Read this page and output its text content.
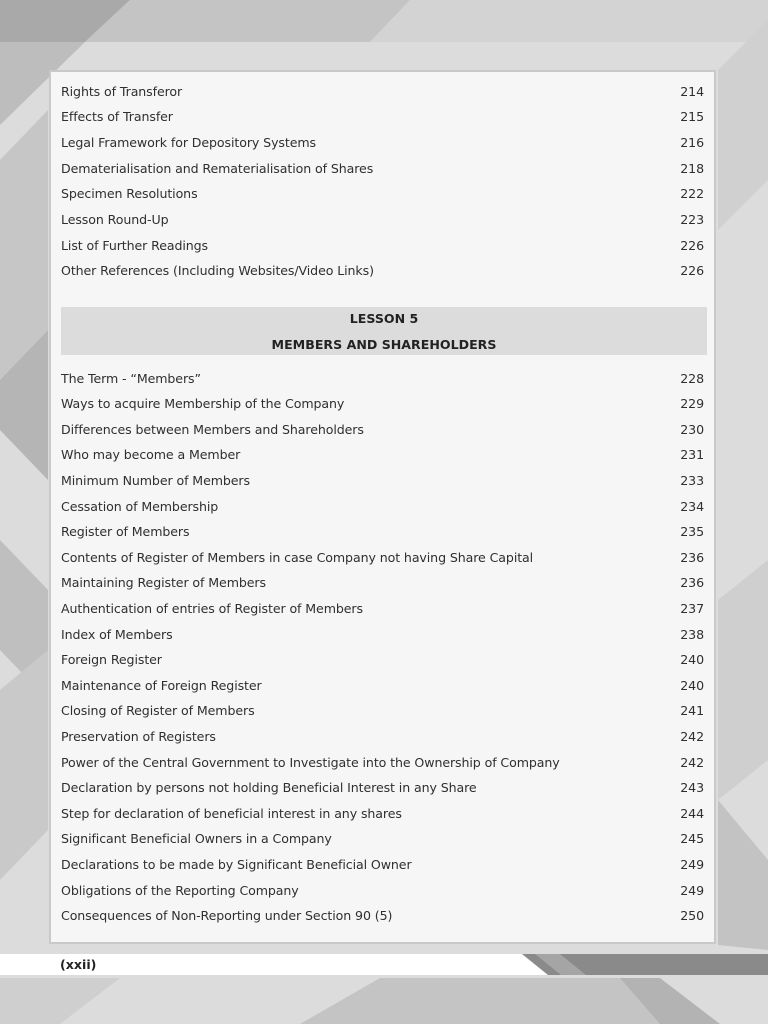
Rights of Transferor	214
Effects of Transfer	215
Legal Framework for Depository Systems	216
Dematerialisation and Rematerialisation of Shares	218
Specimen Resolutions	222
Lesson Round-Up	223
List of Further Readings	226
Other References (Including Websites/Video Links)	226
LESSON 5
MEMBERS AND SHAREHOLDERS
The Term - “Members”	228
Ways to acquire Membership of the Company	229
Differences between Members and Shareholders	230
Who may become a Member	231
Minimum Number of Members	233
Cessation of Membership	234
Register of Members	235
Contents of Register of Members in case Company not having Share Capital	236
Maintaining Register of Members	236
Authentication of entries of Register of Members	237
Index of Members	238
Foreign Register	240
Maintenance of Foreign Register	240
Closing of Register of Members	241
Preservation of Registers	242
Power of the Central Government to Investigate into the Ownership of Company	242
Declaration by persons not holding Beneficial Interest in any Share	243
Step for declaration of beneficial interest in any shares	244
Significant Beneficial Owners in a Company	245
Declarations to be made by Significant Beneficial Owner	249
Obligations of the Reporting Company	249
Consequences of Non-Reporting under Section 90 (5)	250
(xxii)
